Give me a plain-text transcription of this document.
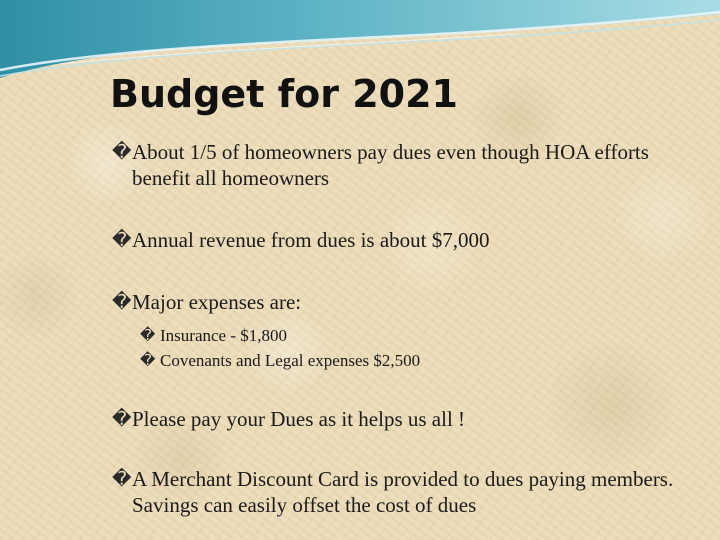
Budget for 2021
� About 1/5 of homeowners pay dues even though HOA efforts benefit all homeowners
� Annual revenue from dues is about $7,000
� Major expenses are:
� Insurance - $1,800
� Covenants and Legal expenses $2,500
� Please pay your Dues as it helps us all !
� A Merchant Discount Card is provided to dues paying members. Savings can easily offset the cost of dues
